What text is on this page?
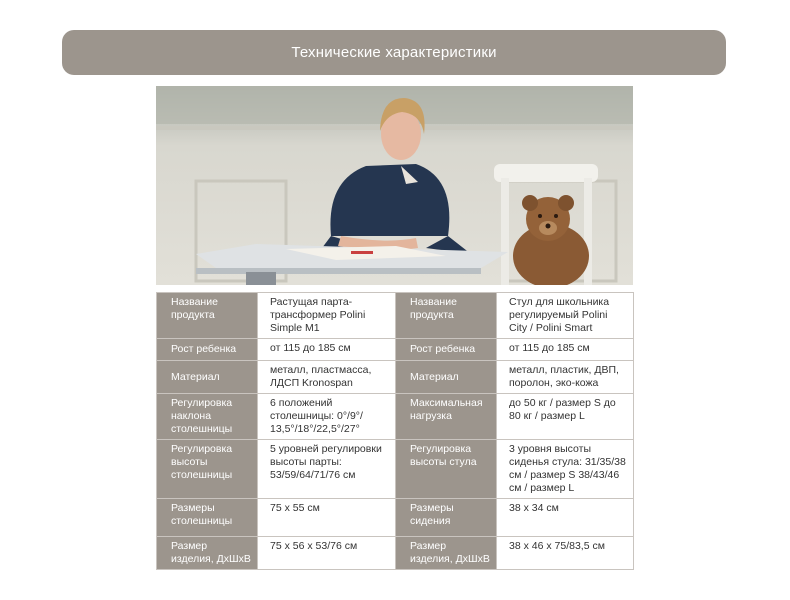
Технические характеристики
Название продукта	Растущая парта-трансформер Polini Simple M1	Название продукта	Стул для школьника регулируемый Polini City / Polini Smart
Рост ребенка	от 115 до 185 см	Рост ребенка	от 115 до 185 см
Материал	металл, пластмасса, ЛДСП Kronospan	Материал	металл, пластик, ДВП, поролон, эко-кожа
Регулировка наклона столешницы	6 положений столешницы: 0°/9°/ 13,5°/18°/22,5°/27°	Максимальная нагрузка	до 50 кг / размер S до 80 кг / размер L
Регулировка высоты столешницы	5 уровней регулировки высоты парты: 53/59/64/71/76 см	Регулировка высоты стула	3 уровня высоты сиденья стула: 31/35/38 см / размер S 38/43/46 см / размер L
Размеры столешницы	75 х 55 см	Размеры сидения	38 х 34 см
Размер изделия, ДхШхВ	75 х 56 х 53/76 см	Размер изделия, ДхШхВ	38 х 46 х 75/83,5 см
